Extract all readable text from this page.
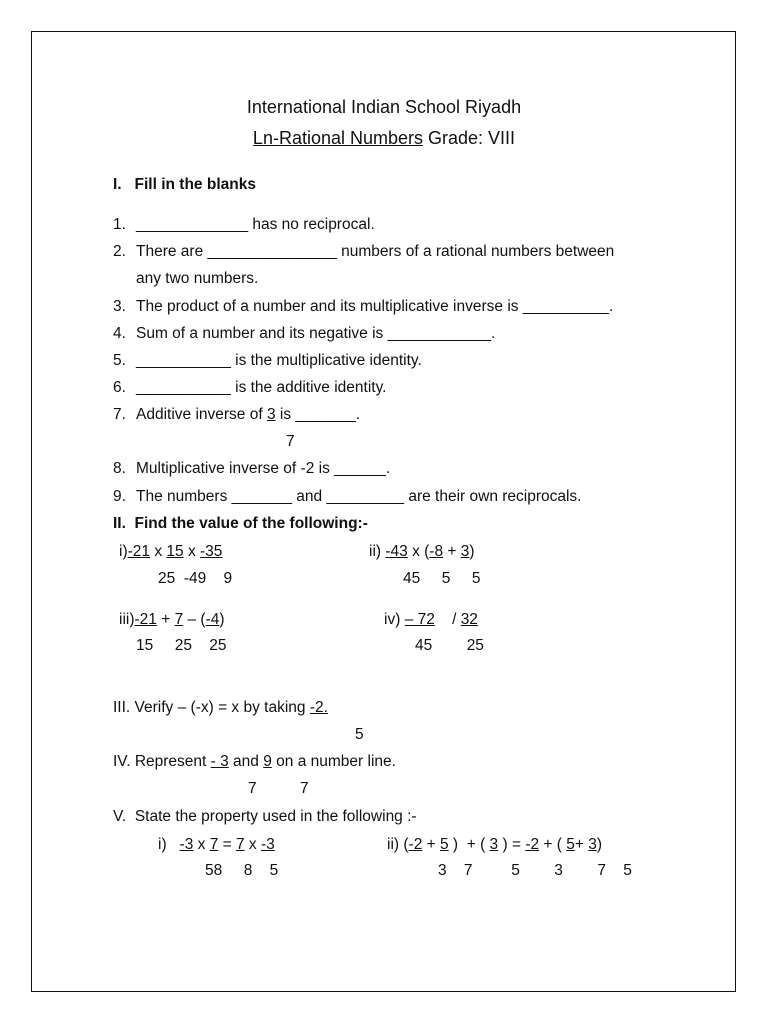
International Indian School Riyadh
Ln-Rational Numbers Grade: VIII
I.   Fill in the blanks
1. _____________ has no reciprocal.
2. There are _______________ numbers of a rational numbers between
any two numbers.
3. The product of a number and its multiplicative inverse is __________.
4. Sum of a number and its negative is ____________.
5. ___________ is the multiplicative identity.
6. ___________ is the additive identity.
7. Additive inverse of 3 is _______.
7
8. Multiplicative inverse of -2 is ______.
9. The numbers _______ and _________ are their own reciprocals.
II.  Find the value of the following:-
i)-21 x 15 x -35
25  -49    9
ii) -43 x (-8 + 3)
45     5     5
iii)-21 + 7 – (-4)
15     25    25
iv) – 72    / 32
45        25
III. Verify – (-x) = x by taking -2.
5
IV. Represent - 3 and 9 on a number line.
7	7
V.  State the property used in the following :-
i)   -3 x 7 = 7 x -3
58     8    5
ii) (-2 + 5 )  + ( 3 ) = -2 + ( 5+ 3)
3    7         5        3        7    5
